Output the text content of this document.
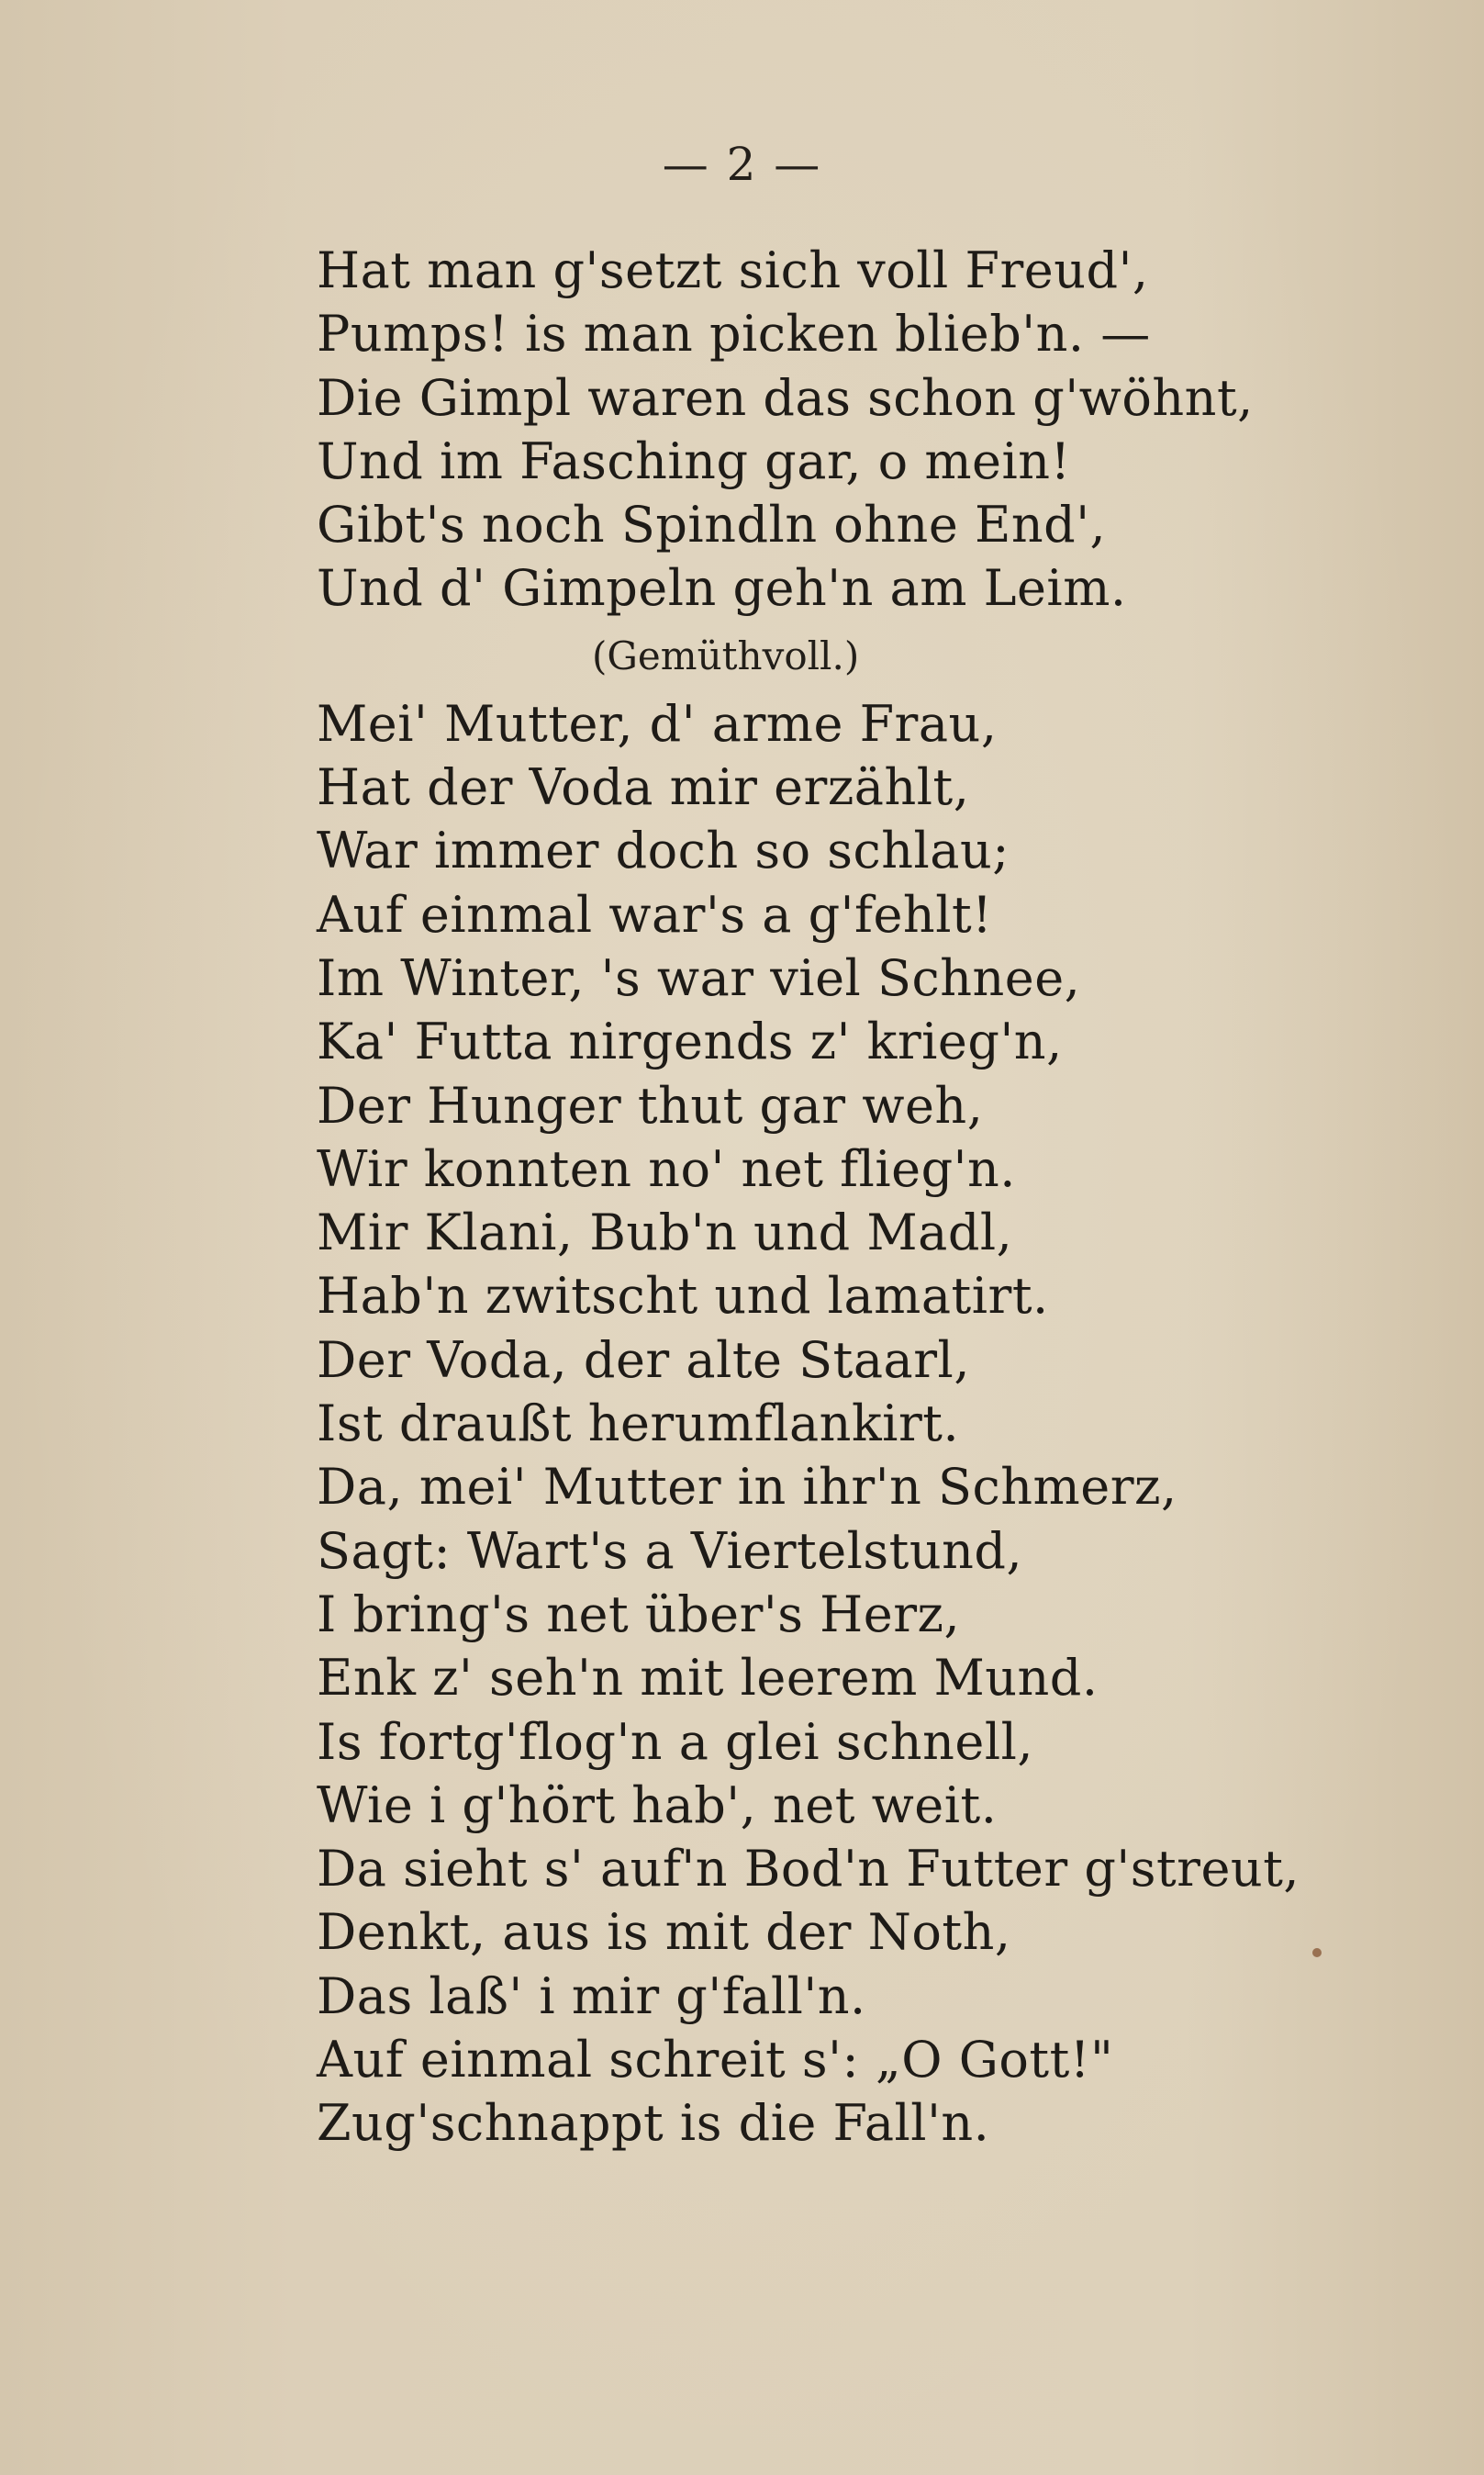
— 2 —
Hat man g'setzt sich voll Freud',
Pumps! is man picken blieb'n. —
Die Gimpl waren das schon g'wöhnt,
Und im Fasching gar, o mein!
Gibt's noch Spindln ohne End',
Und d' Gimpeln geh'n am Leim.
(Gemüthvoll.)
Mei' Mutter, d' arme Frau,
Hat der Voda mir erzählt,
War immer doch so schlau;
Auf einmal war's a g'fehlt!
Im Winter, 's war viel Schnee,
Ka' Futta nirgends z' krieg'n,
Der Hunger thut gar weh,
Wir konnten no' net flieg'n.
Mir Klani, Bub'n und Madl,
Hab'n zwitscht und lamatirt.
Der Voda, der alte Staarl,
Ist draußt herumflankirt.
Da, mei' Mutter in ihr'n Schmerz,
Sagt: Wart's a Viertelstund,
I bring's net über's Herz,
Enk z' seh'n mit leerem Mund.
Is fortg'flog'n a glei schnell,
Wie i g'hört hab', net weit.
Da sieht s' auf'n Bod'n Futter g'streut,
Denkt, aus is mit der Noth,
Das laß' i mir g'fall'n.
Auf einmal schreit s': „O Gott!"
Zug'schnappt is die Fall'n.
